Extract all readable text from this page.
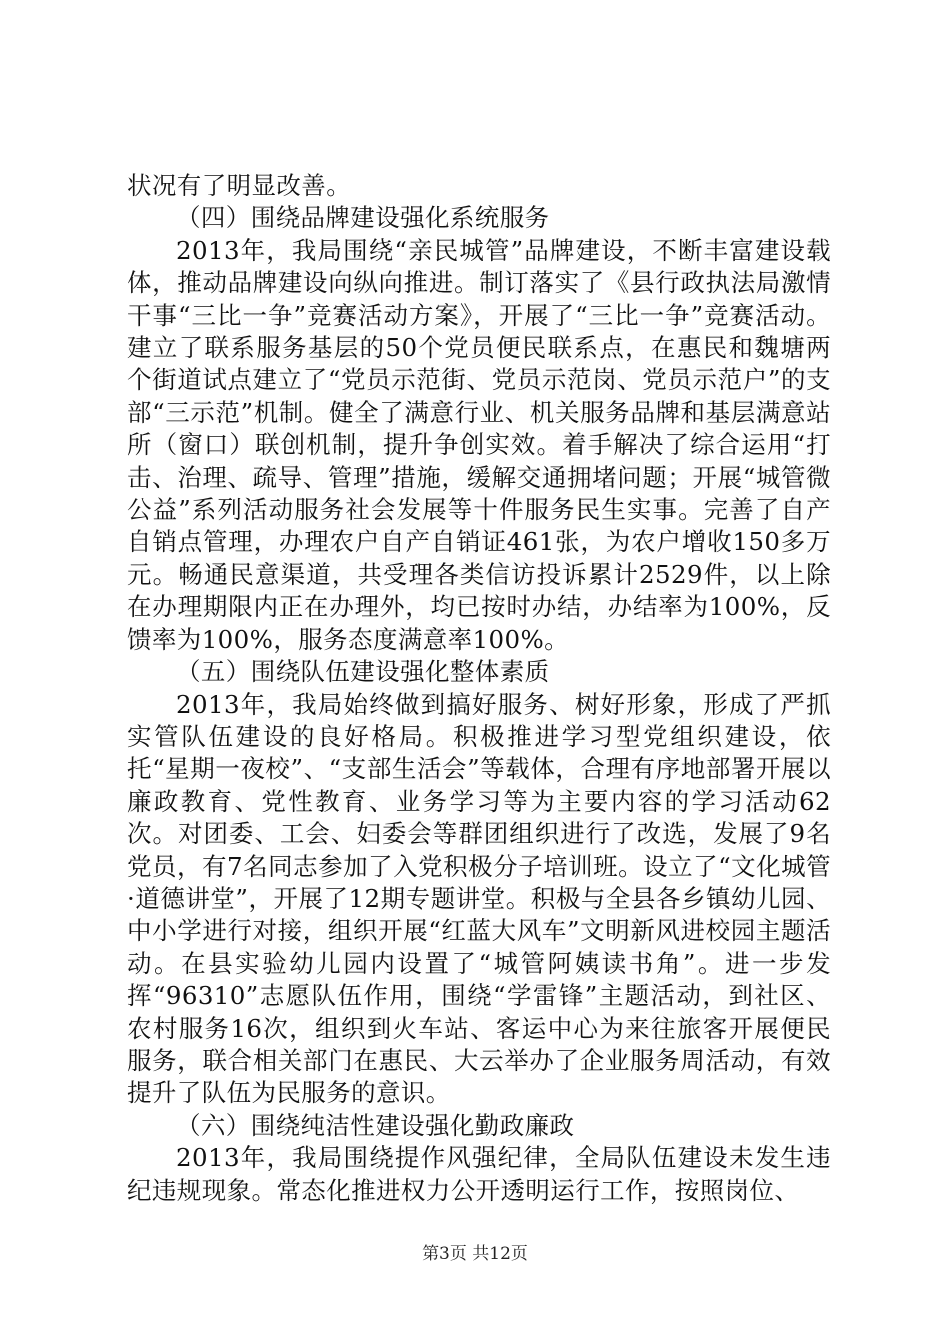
状况有了明显改善。

（四）围绕品牌建设强化系统服务

2013年，我局围绕“亲民城管”品牌建设，不断丰富建设载体，推动品牌建设向纵向推进。制订落实了《县行政执法局激情干事“三比一争”竞赛活动方案》，开展了“三比一争”竞赛活动。建立了联系服务基层的50个党员便民联系点，在惠民和魏塘两个街道试点建立了“党员示范街、党员示范岗、党员示范户”的支部“三示范”机制。健全了满意行业、机关服务品牌和基层满意站所（窗口）联创机制，提升争创实效。着手解决了综合运用“打击、治理、疏导、管理”措施，缓解交通拥堵问题；开展“城管微公益”系列活动服务社会发展等十件服务民生实事。完善了自产自销点管理，办理农户自产自销证461张，为农户增收150多万元。畅通民意渠道，共受理各类信访投诉累计2529件，以上除在办理期限内正在办理外，均已按时办结，办结率为100%，反馈率为100%，服务态度满意率100%。

（五）围绕队伍建设强化整体素质

2013年，我局始终做到搞好服务、树好形象，形成了严抓实管队伍建设的良好格局。积极推进学习型党组织建设，依托“星期一夜校”、“支部生活会”等载体，合理有序地部署开展以廉政教育、党性教育、业务学习等为主要内容的学习活动62次。对团委、工会、妇委会等群团组织进行了改选，发展了9名党员，有7名同志参加了入党积极分子培训班。设立了“文化城管·道德讲堂”，开展了12期专题讲堂。积极与全县各乡镇幼儿园、中小学进行对接，组织开展“红蓝大风车”文明新风进校园主题活动。在县实验幼儿园内设置了“城管阿姨读书角”。进一步发挥“96310”志愿队伍作用，围绕“学雷锋”主题活动，到社区、农村服务16次，组织到火车站、客运中心为来往旅客开展便民服务，联合相关部门在惠民、大云举办了企业服务周活动，有效提升了队伍为民服务的意识。

（六）围绕纯洁性建设强化勤政廉政

2013年，我局围绕提作风强纪律，全局队伍建设未发生违纪违规现象。常态化推进权力公开透明运行工作，按照岗位、

第3页 共12页
